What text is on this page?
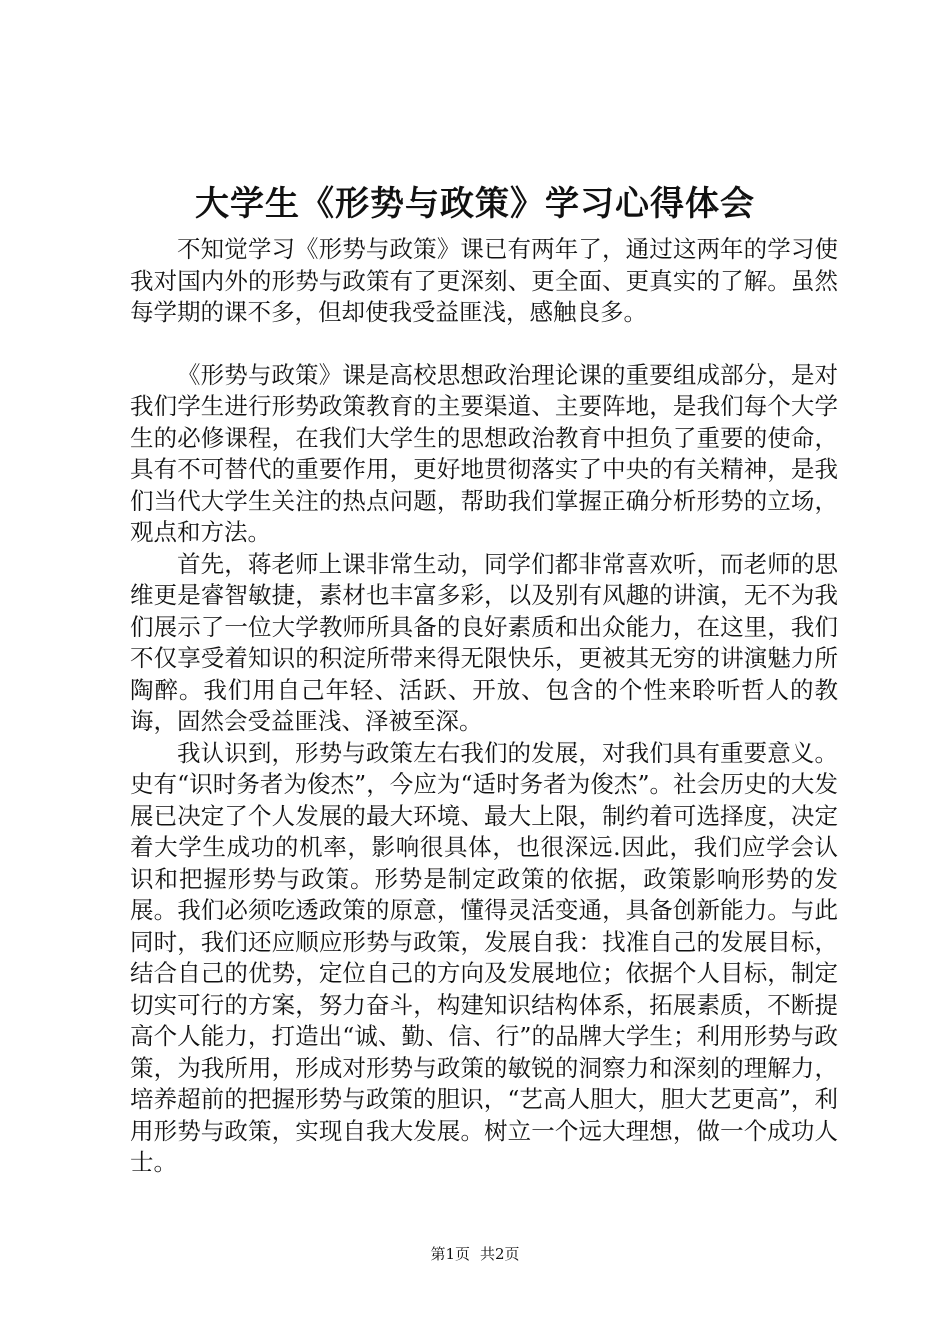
大学生《形势与政策》学习心得体会

不知觉学习《形势与政策》课已有两年了，通过这两年的学习使我对国内外的形势与政策有了更深刻、更全面、更真实的了解。虽然每学期的课不多，但却使我受益匪浅，感触良多。

《形势与政策》课是高校思想政治理论课的重要组成部分，是对我们学生进行形势政策教育的主要渠道、主要阵地，是我们每个大学生的必修课程，在我们大学生的思想政治教育中担负了重要的使命，具有不可替代的重要作用，更好地贯彻落实了中央的有关精神，是我们当代大学生关注的热点问题，帮助我们掌握正确分析形势的立场，观点和方法。

首先，蒋老师上课非常生动，同学们都非常喜欢听，而老师的思维更是睿智敏捷，素材也丰富多彩，以及别有风趣的讲演，无不为我们展示了一位大学教师所具备的良好素质和出众能力，在这里，我们不仅享受着知识的积淀所带来得无限快乐，更被其无穷的讲演魅力所陶醉。我们用自己年轻、活跃、开放、包含的个性来聆听哲人的教诲，固然会受益匪浅、泽被至深。

我认识到，形势与政策左右我们的发展，对我们具有重要意义。史有“识时务者为俊杰”，今应为“适时务者为俊杰”。社会历史的大发展已决定了个人发展的最大环境、最大上限，制约着可选择度，决定着大学生成功的机率，影响很具体，也很深远.因此，我们应学会认识和把握形势与政策。形势是制定政策的依据，政策影响形势的发展。我们必须吃透政策的原意，懂得灵活变通，具备创新能力。与此同时，我们还应顺应形势与政策，发展自我：找准自己的发展目标，结合自己的优势，定位自己的方向及发展地位；依据个人目标，制定切实可行的方案，努力奋斗，构建知识结构体系，拓展素质，不断提高个人能力，打造出“诚、勤、信、行”的品牌大学生；利用形势与政策，为我所用，形成对形势与政策的敏锐的洞察力和深刻的理解力，培养超前的把握形势与政策的胆识，“艺高人胆大，胆大艺更高”，利用形势与政策，实现自我大发展。树立一个远大理想，做一个成功人士。

第1页 共2页
